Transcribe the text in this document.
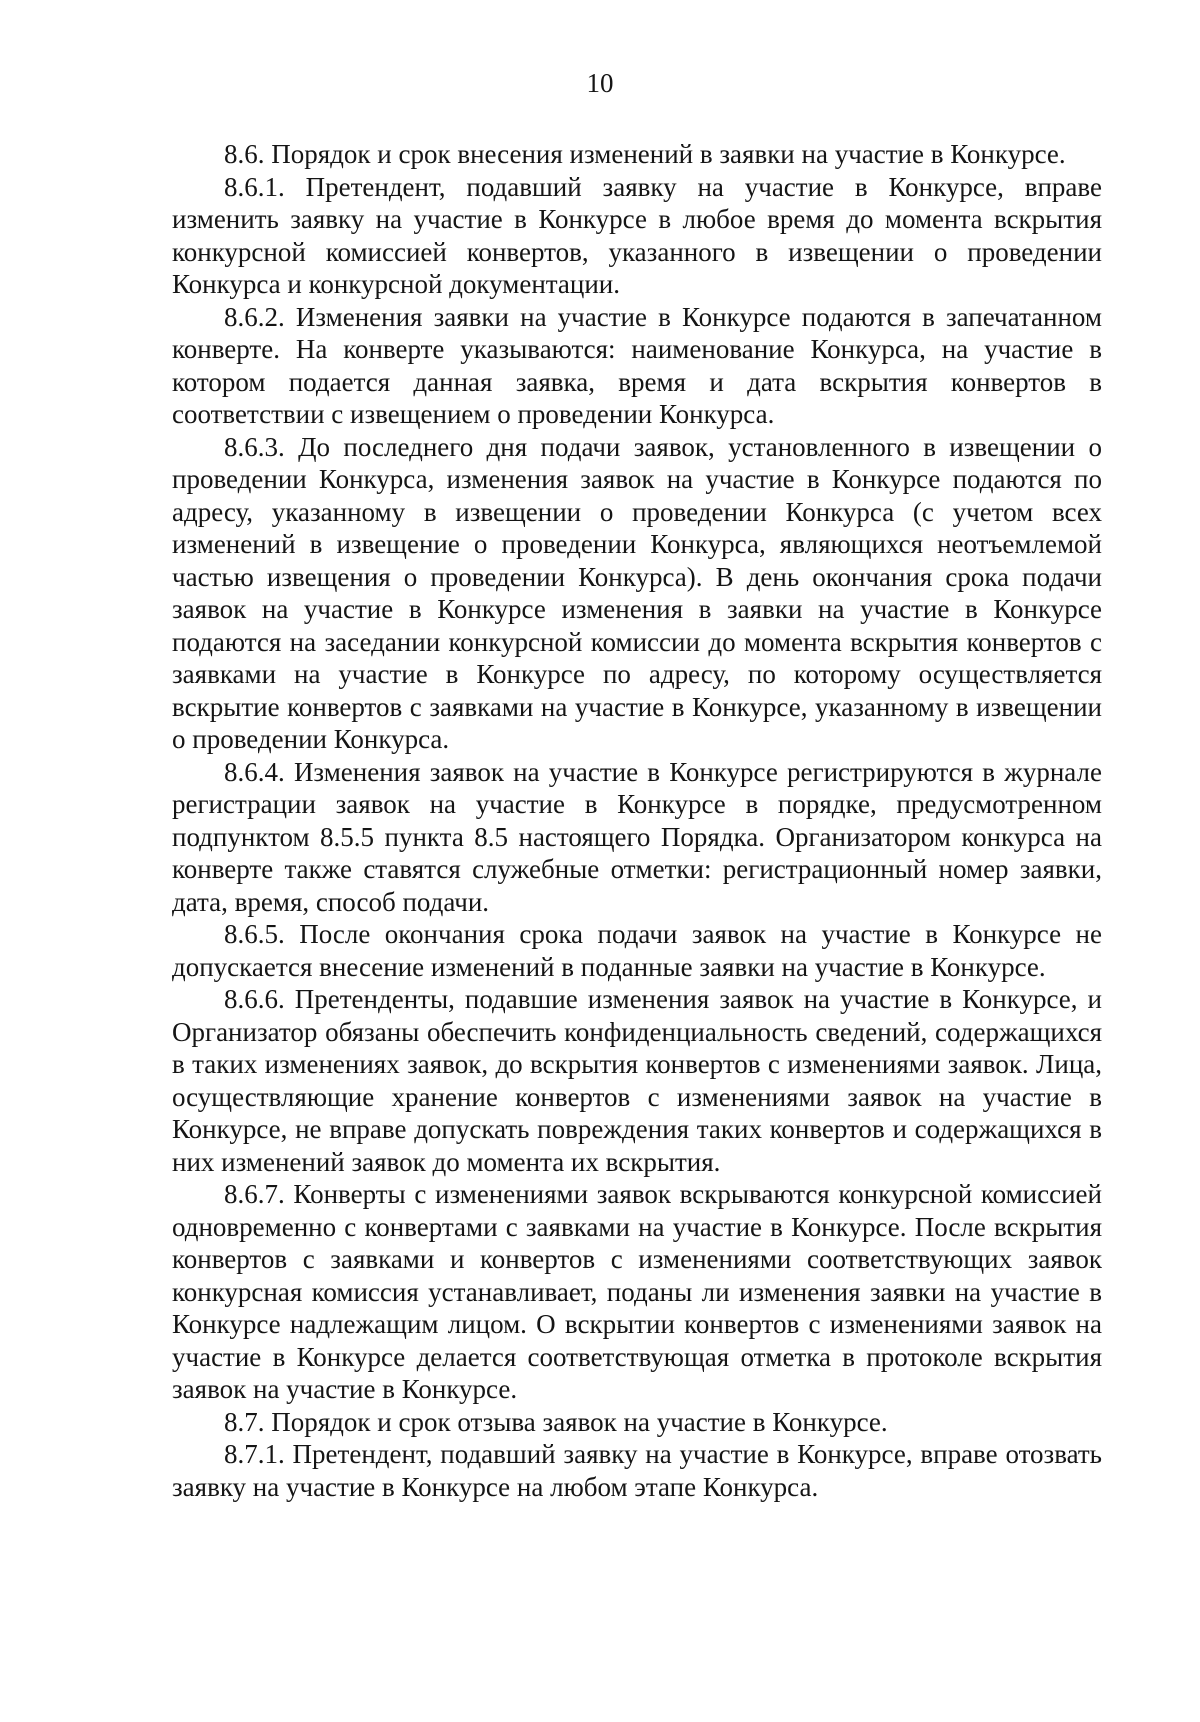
10

8.6. Порядок и срок внесения изменений в заявки на участие в Конкурсе.

8.6.1. Претендент, подавший заявку на участие в Конкурсе, вправе изменить заявку на участие в Конкурсе в любое время до момента вскрытия конкурсной комиссией конвертов, указанного в извещении о проведении Конкурса и конкурсной документации.

8.6.2. Изменения заявки на участие в Конкурсе подаются в запечатанном конверте. На конверте указываются: наименование Конкурса, на участие в котором подается данная заявка, время и дата вскрытия конвертов в соответствии с извещением о проведении Конкурса.

8.6.3. До последнего дня подачи заявок, установленного в извещении о проведении Конкурса, изменения заявок на участие в Конкурсе подаются по адресу, указанному в извещении о проведении Конкурса (с учетом всех изменений в извещение о проведении Конкурса, являющихся неотъемлемой частью извещения о проведении Конкурса). В день окончания срока подачи заявок на участие в Конкурсе изменения в заявки на участие в Конкурсе подаются на заседании конкурсной комиссии до момента вскрытия конвертов с заявками на участие в Конкурсе по адресу, по которому осуществляется вскрытие конвертов с заявками на участие в Конкурсе, указанному в извещении о проведении Конкурса.

8.6.4. Изменения заявок на участие в Конкурсе регистрируются в журнале регистрации заявок на участие в Конкурсе в порядке, предусмотренном подпунктом 8.5.5 пункта 8.5 настоящего Порядка. Организатором конкурса на конверте также ставятся служебные отметки: регистрационный номер заявки, дата, время, способ подачи.

8.6.5. После окончания срока подачи заявок на участие в Конкурсе не допускается внесение изменений в поданные заявки на участие в Конкурсе.

8.6.6. Претенденты, подавшие изменения заявок на участие в Конкурсе, и Организатор обязаны обеспечить конфиденциальность сведений, содержащихся в таких изменениях заявок, до вскрытия конвертов с изменениями заявок. Лица, осуществляющие хранение конвертов с изменениями заявок на участие в Конкурсе, не вправе допускать повреждения таких конвертов и содержащихся в них изменений заявок до момента их вскрытия.

8.6.7. Конверты с изменениями заявок вскрываются конкурсной комиссией одновременно с конвертами с заявками на участие в Конкурсе. После вскрытия конвертов с заявками и конвертов с изменениями соответствующих заявок конкурсная комиссия устанавливает, поданы ли изменения заявки на участие в Конкурсе надлежащим лицом. О вскрытии конвертов с изменениями заявок на участие в Конкурсе делается соответствующая отметка в протоколе вскрытия заявок на участие в Конкурсе.

8.7. Порядок и срок отзыва заявок на участие в Конкурсе.

8.7.1. Претендент, подавший заявку на участие в Конкурсе, вправе отозвать заявку на участие в Конкурсе на любом этапе Конкурса.
